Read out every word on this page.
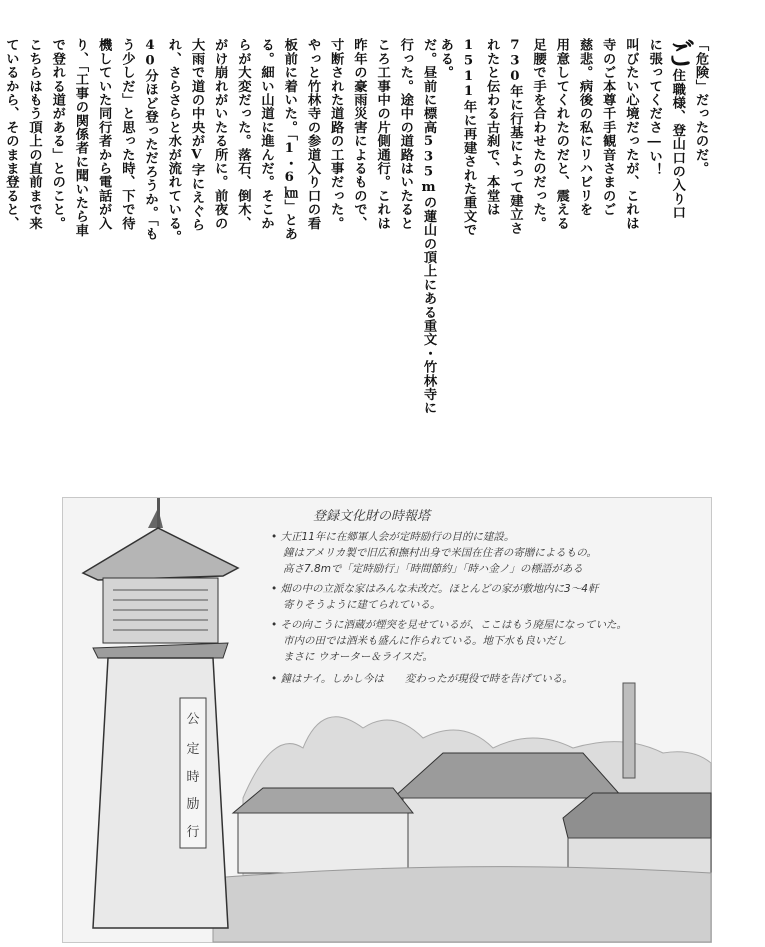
だ。昼前に標高535mの蓮山の頂上にある重文・竹林寺に

行った。途中の道路はいたると

ころ工事中の片側通行。これは

昨年の豪雨災害によるもので、

寸断された道路の工事だった。

やっと竹林寺の参道入り口の看

板前に着いた。「1・6㎞」とあ

る。細い山道に進んだ。そこか

らが大変だった。落石、倒木、

がけ崩れがいたる所に。前夜の

大雨で道の中央がV字にえぐら

れ、さらさらと水が流れている。

40分ほど登っただろうか。「も

う少しだ」と思った時、下で待

機していた同行者から電話が入

り、「工事の関係者に聞いたら車

で登れる道がある」とのこと。

こちらはもう頂上の直前まで来

ているから、そのまま登ると、	「危険」だったのだ。

ご住職様、登山口の入り口

に張ってくださ―い！

叫びたい心境だったが、これは

寺のご本尊千手観音さまのご

慈悲。病後の私にリハビリを

用意してくれたのだと、震える

足腰で手を合わせたのだった。

730年に行基によって建立さ

れたと伝わる古刹で、本堂は

1511年に再建された重文で

ある。

公
定
時
励
行
登録文化財の時報塔
• 大正11年に在郷軍人会が定時励行の目的に建設。
鐘はアメリカ製で旧広和撫村出身で米国在住者の寄贈によるもの。
高さ7.8mで「定時励行」「時間節約」「時ハ金ノ」の標語がある
• 畑の中の立派な家はみんな未改だ。ほとんどの家が敷地内に3〜4軒
寄りそうように建てられている。
• その向こうに酒蔵が煙突を見せているが、ここはもう廃屋になっていた。
市内の田では酒米も盛んに作られている。地下水も良いだし
まさに ウオーター＆ライスだ。
• 鐘はナイ。しかし今は　　変わったが現役で時を告げている。
